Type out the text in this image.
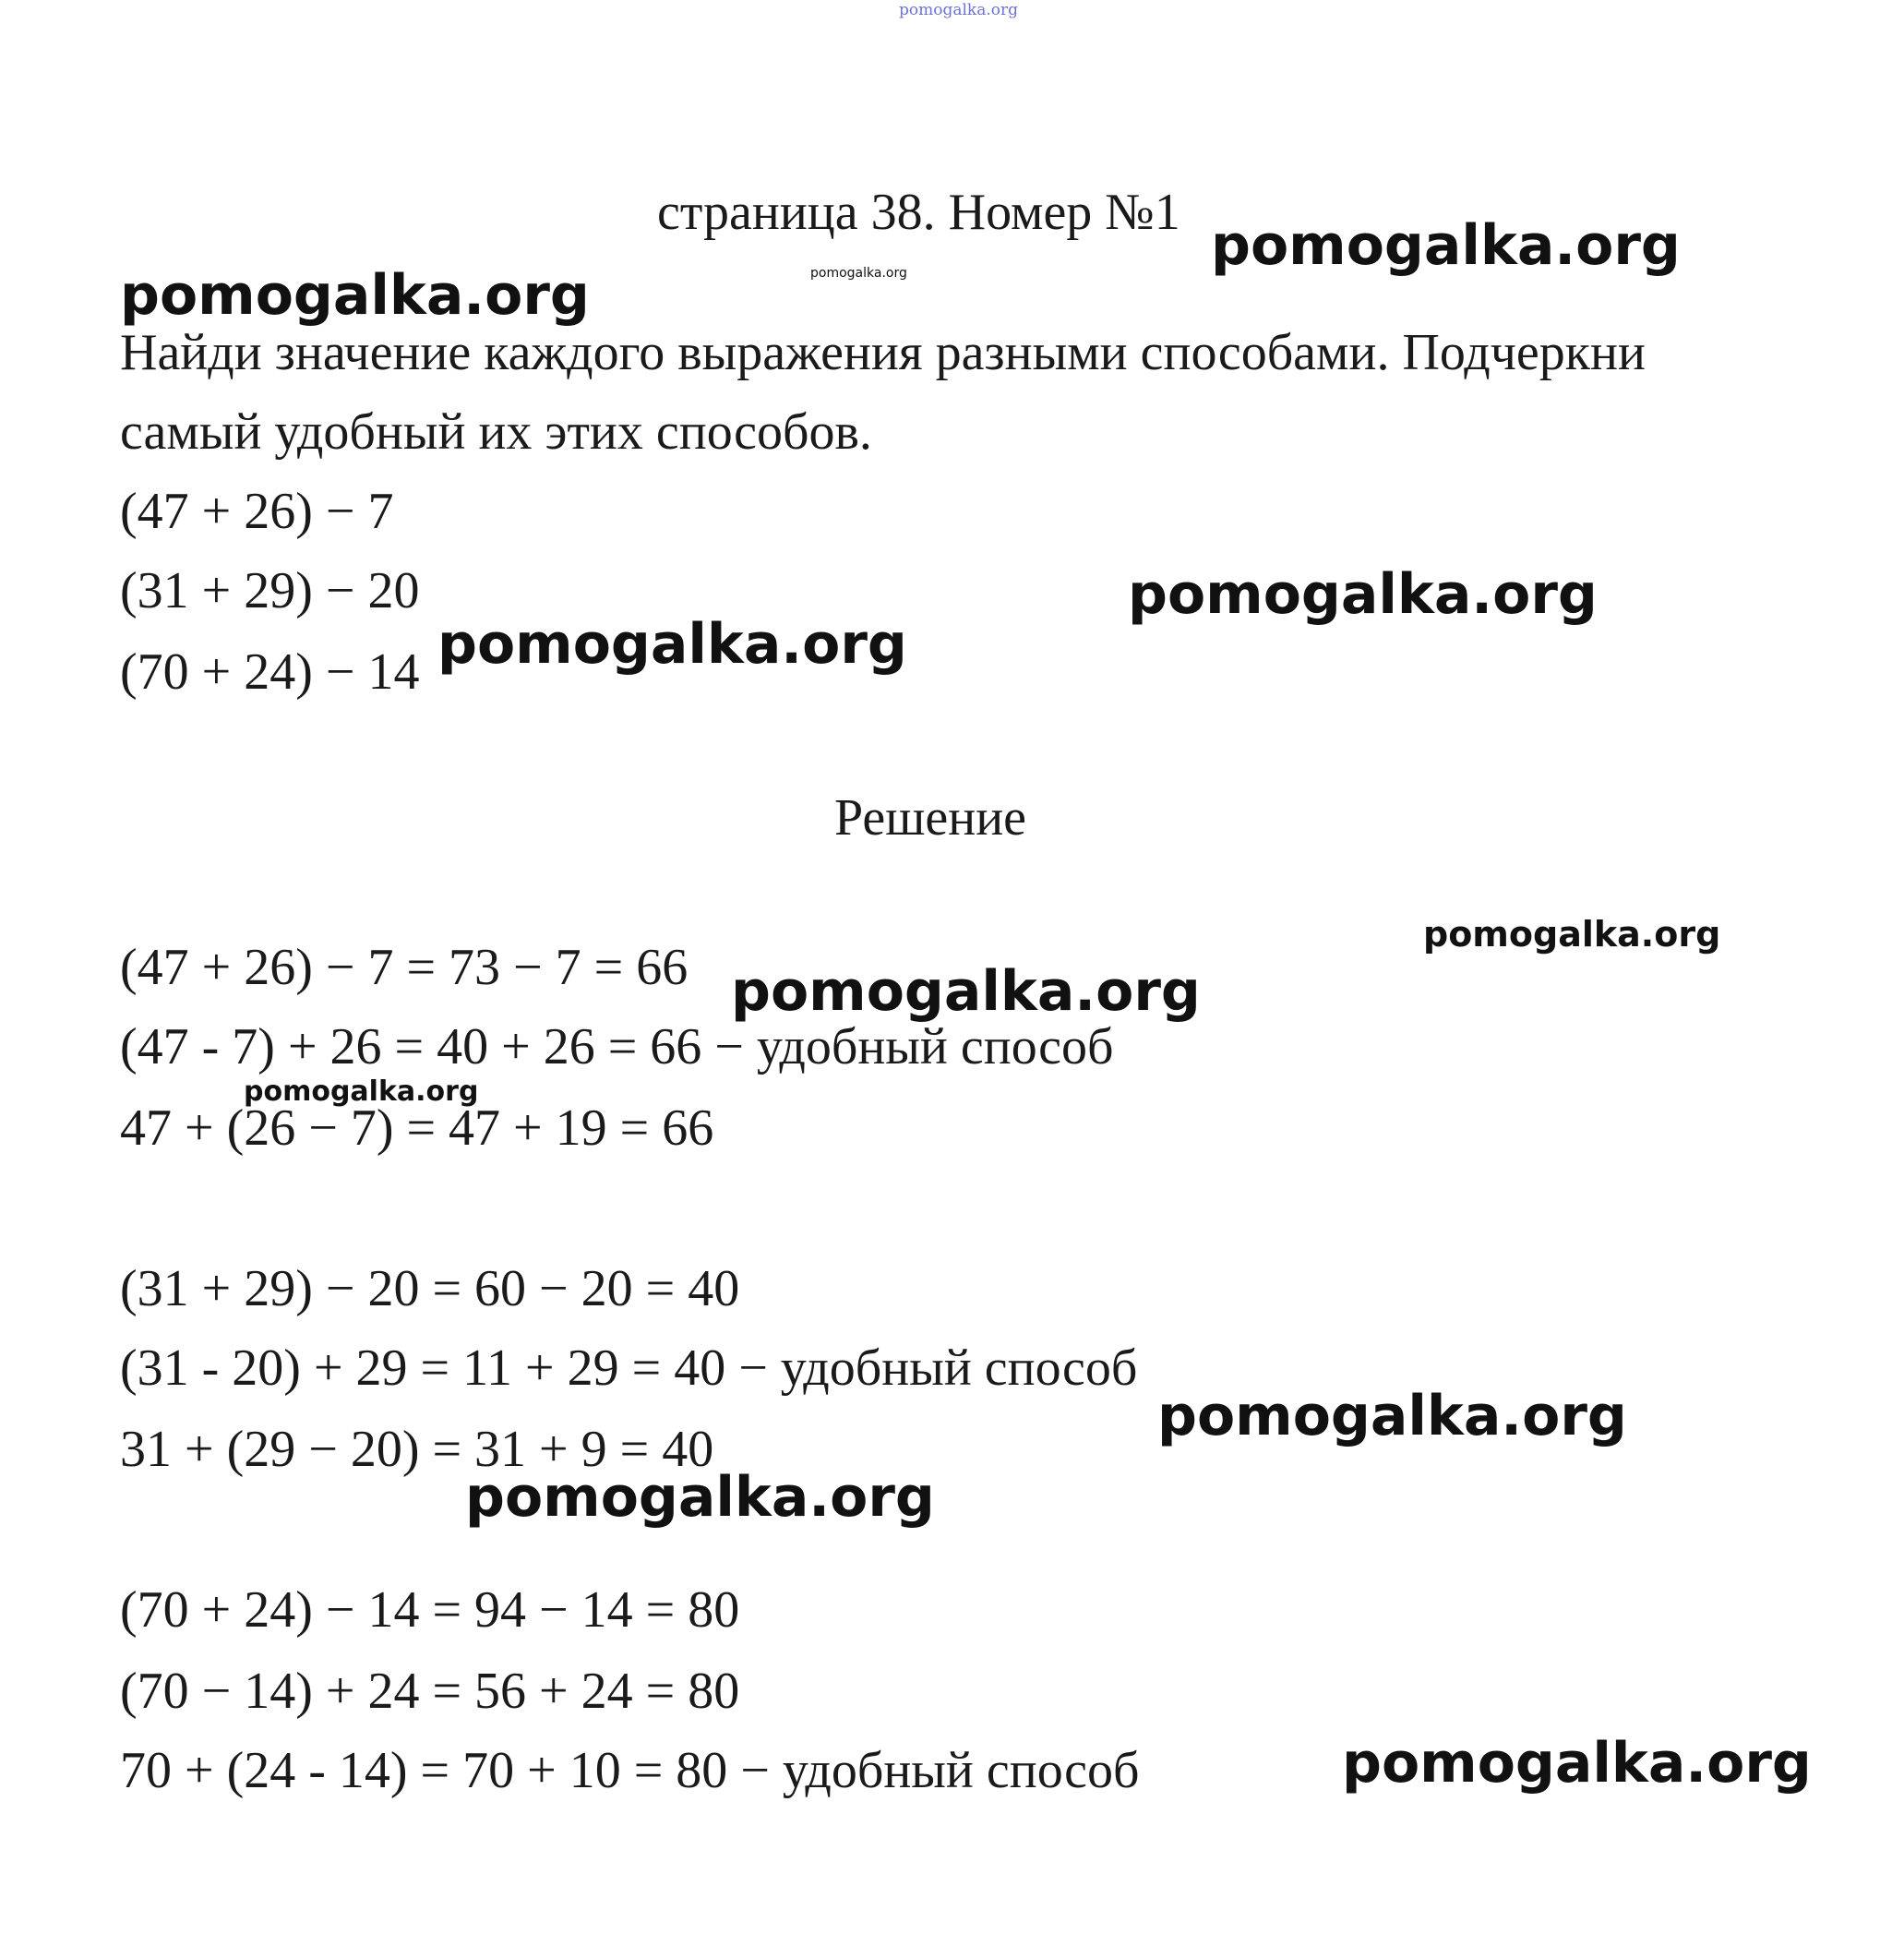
pomogalka.org
страница 38. Номер №1
pomogalka.org
pomogalka.org
pomogalka.org
Найди значение каждого выражения разными способами. Подчеркни
самый удобный их этих способов.
(47 + 26) − 7
(31 + 29) − 20
(70 + 24) − 14
pomogalka.org
pomogalka.org
Решение
pomogalka.org
(47 + 26) − 7 = 73 − 7 = 66 pomogalka.org
(47 - 7) + 26 = 40 + 26 = 66 − удобный способ
pomogalka.org
47 + (26 − 7) = 47 + 19 = 66
(31 + 29) − 20 = 60 − 20 = 40
(31 - 20) + 29 = 11 + 29 = 40 − удобный способ
pomogalka.org
31 + (29 − 20) = 31 + 9 = 40
pomogalka.org
(70 + 24) − 14 = 94 − 14 = 80
(70 − 14) + 24 = 56 + 24 = 80
70 + (24 - 14) = 70 + 10 = 80 − удобный способ	pomogalka.org
